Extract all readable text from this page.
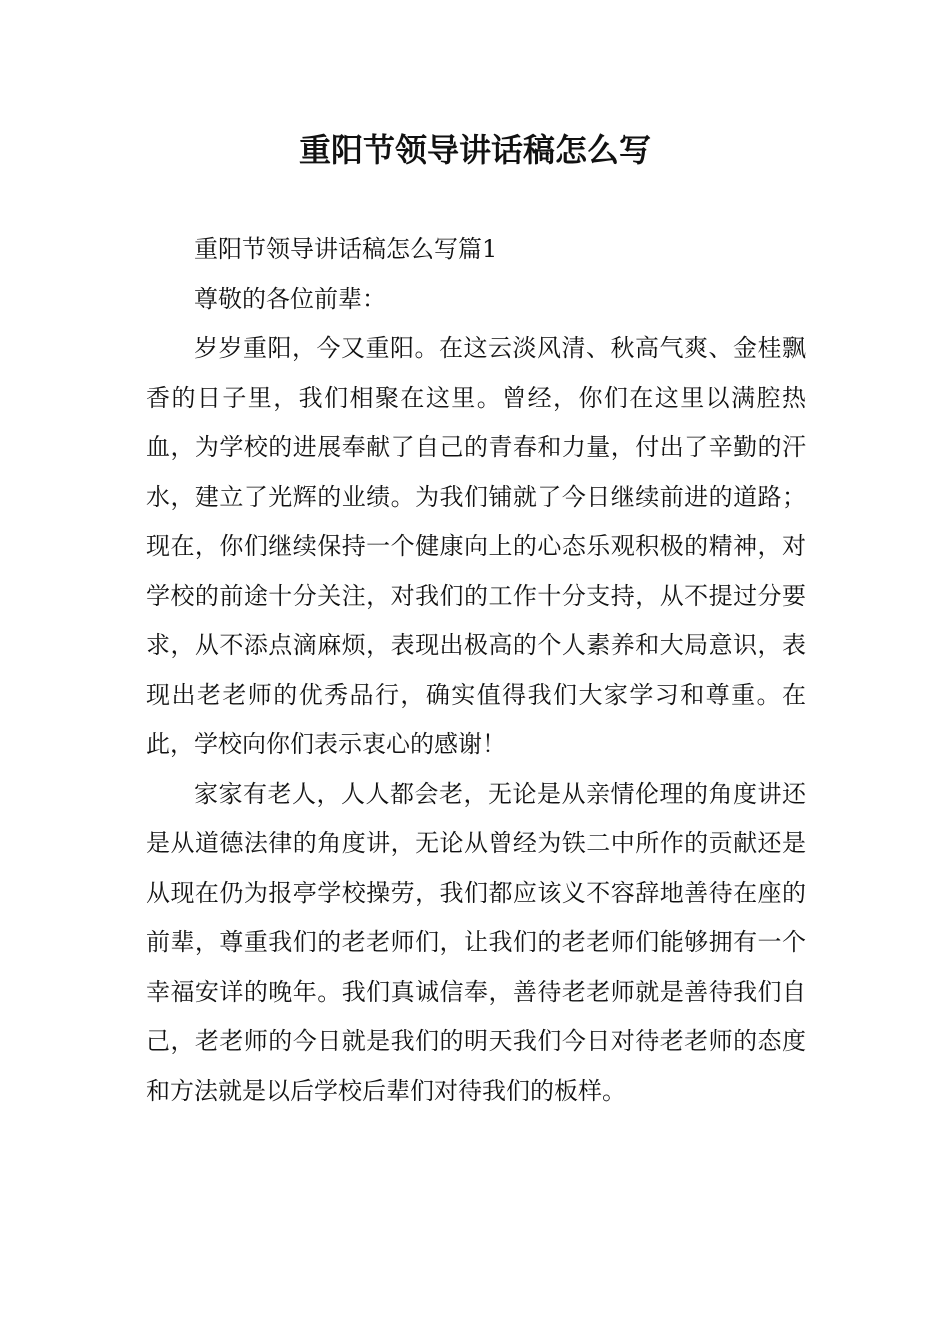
重阳节领导讲话稿怎么写

重阳节领导讲话稿怎么写篇1

尊敬的各位前辈：

岁岁重阳，今又重阳。在这云淡风清、秋高气爽、金桂飘香的日子里，我们相聚在这里。曾经，你们在这里以满腔热血，为学校的进展奉献了自己的青春和力量，付出了辛勤的汗水，建立了光辉的业绩。为我们铺就了今日继续前进的道路；现在，你们继续保持一个健康向上的心态乐观积极的精神，对学校的前途十分关注，对我们的工作十分支持，从不提过分要求，从不添点滴麻烦，表现出极高的个人素养和大局意识，表现出老老师的优秀品行，确实值得我们大家学习和尊重。在此，学校向你们表示衷心的感谢！

家家有老人，人人都会老，无论是从亲情伦理的角度讲还是从道德法律的角度讲，无论从曾经为铁二中所作的贡献还是从现在仍为报亭学校操劳，我们都应该义不容辞地善待在座的前辈，尊重我们的老老师们，让我们的老老师们能够拥有一个幸福安详的晚年。我们真诚信奉，善待老老师就是善待我们自己，老老师的今日就是我们的明天我们今日对待老老师的态度和方法就是以后学校后辈们对待我们的板样。
